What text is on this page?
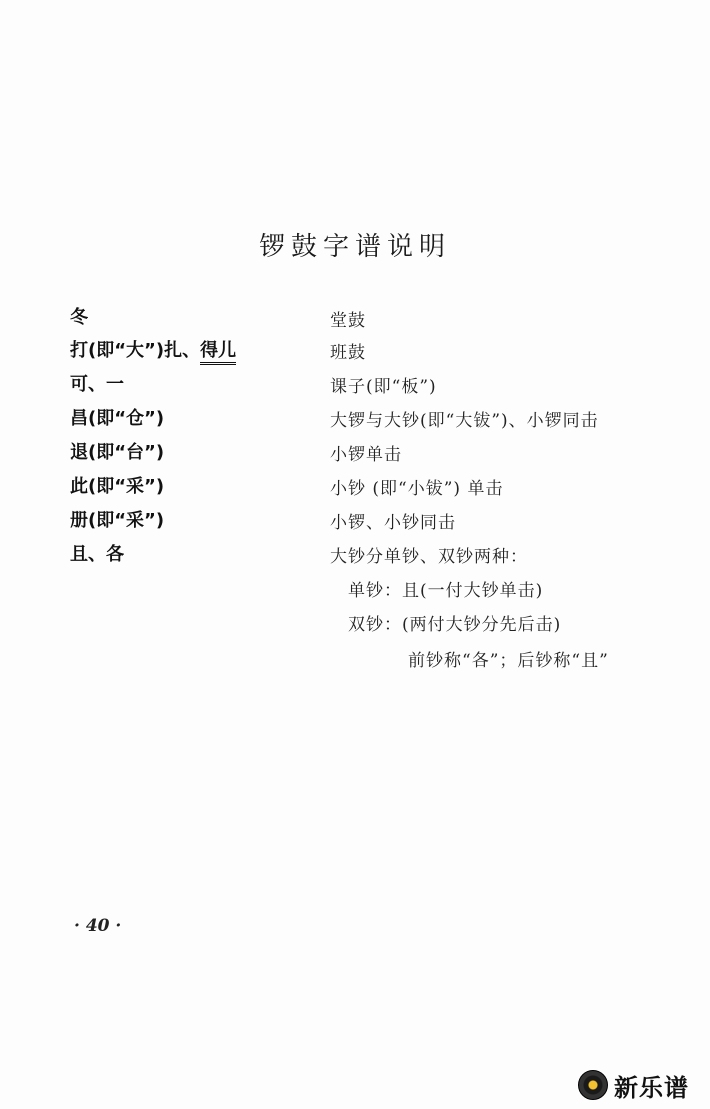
锣鼓字谱说明
冬
打(即“大”)扎、得儿
可、一
昌(即“仓”)
退(即“台”)
此(即“采”)
册(即“采”)
且、各
堂鼓
班鼓
课子(即“板”)
大锣与大钞(即“大钹”)、小锣同击
小锣单击
小钞 (即“小钹”) 单击
小锣、小钞同击
大钞分单钞、双钞两种：
单钞：且(一付大钞单击)
双钞：(两付大钞分先后击)
前钞称“各”；后钞称“且”
· 40 ·
新乐谱
